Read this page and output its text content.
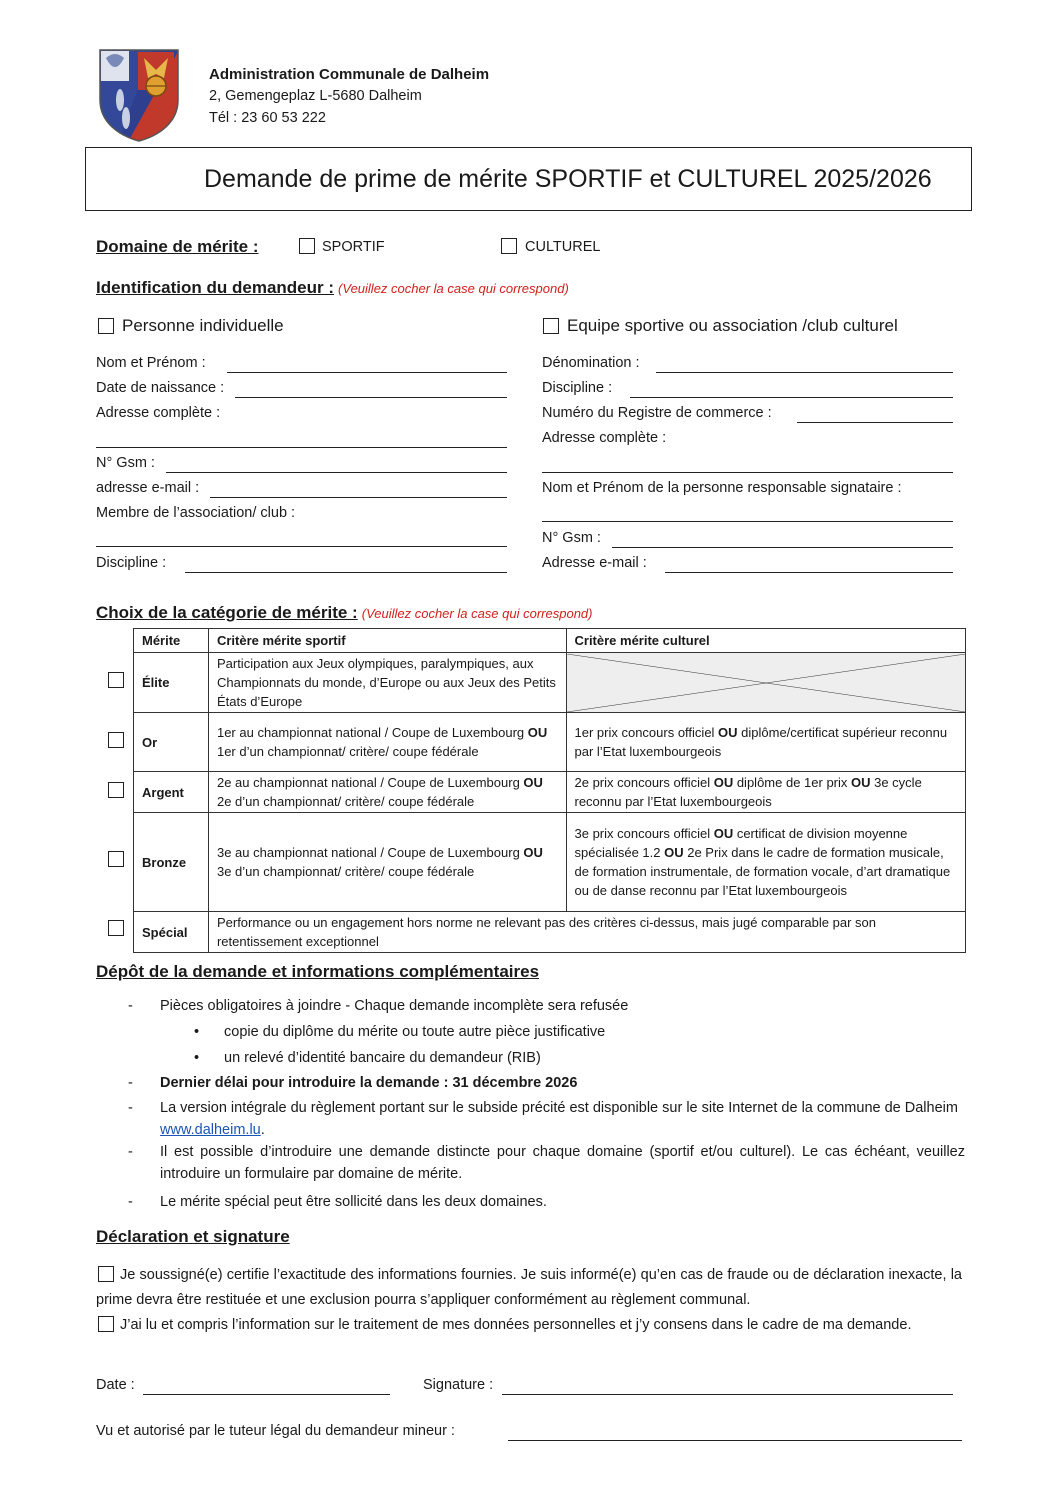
Administration Communale de Dalheim
2, Gemengeplaz L-5680 Dalheim
Tél : 23 60 53 222
Demande de prime de mérite SPORTIF et CULTUREL 2025/2026
Domaine de mérite :	SPORTIF	CULTUREL
Identification du demandeur : (Veuillez cocher la case qui correspond)
Personne individuelle	Equipe sportive ou association /club culturel
Nom et Prénom :
Date de naissance :
Adresse complète :
N° Gsm :
adresse e-mail :
Membre de l’association/ club :
Discipline :
Dénomination :
Discipline :
Numéro du Registre de commerce :
Adresse complète :
Nom et Prénom de la personne responsable signataire :
N° Gsm :
Adresse e-mail :
Choix de la catégorie de mérite : (Veuillez cocher la case qui correspond)
Mérite	Critère mérite sportif	Critère mérite culturel
Élite	Participation aux Jeux olympiques, paralympiques, aux Championnats du monde, d’Europe ou aux Jeux des Petits États d’Europe	

Or	1er au championnat national / Coupe de Luxembourg OU 1er d’un championnat/ critère/ coupe fédérale	1er prix concours officiel OU diplôme/certificat supérieur reconnu par l’Etat luxembourgeois
Argent	2e au championnat national / Coupe de Luxembourg OU 2e d’un championnat/ critère/ coupe fédérale	2e prix concours officiel OU diplôme de 1er prix OU 3e cycle reconnu par l’Etat luxembourgeois
Bronze	3e au championnat national / Coupe de Luxembourg OU 3e d’un championnat/ critère/ coupe fédérale	3e prix concours officiel OU certificat de division moyenne spécialisée 1.2 OU 2e Prix dans le cadre de formation musicale, de formation instrumentale, de formation vocale, d’art dramatique ou de danse reconnu par l’Etat luxembourgeois
Spécial	Performance ou un engagement hors norme ne relevant pas des critères ci-dessus, mais jugé comparable par son retentissement exceptionnel	
Dépôt de la demande et informations complémentaires
- Pièces obligatoires à joindre - Chaque demande incomplète sera refusée
• copie du diplôme du mérite ou toute autre pièce justificative
• un relevé d’identité bancaire du demandeur (RIB)
- Dernier délai pour introduire la demande : 31 décembre 2026
- La version intégrale du règlement portant sur le subside précité est disponible sur le site Internet de la commune de Dalheim www.dalheim.lu.
- Il est possible d’introduire une demande distincte pour chaque domaine (sportif et/ou culturel). Le cas échéant, veuillez introduire un formulaire par domaine de mérite.
- Le mérite spécial peut être sollicité dans les deux domaines.
Déclaration et signature
Je soussigné(e) certifie l’exactitude des informations fournies. Je suis informé(e) qu’en cas de fraude ou de déclaration inexacte, la prime devra être restituée et une exclusion pourra s’appliquer conformément au règlement communal.
J’ai lu et compris l’information sur le traitement de mes données personnelles et j’y consens dans le cadre de ma demande.
Date :	Signature :
Vu et autorisé par le tuteur légal du demandeur mineur :
